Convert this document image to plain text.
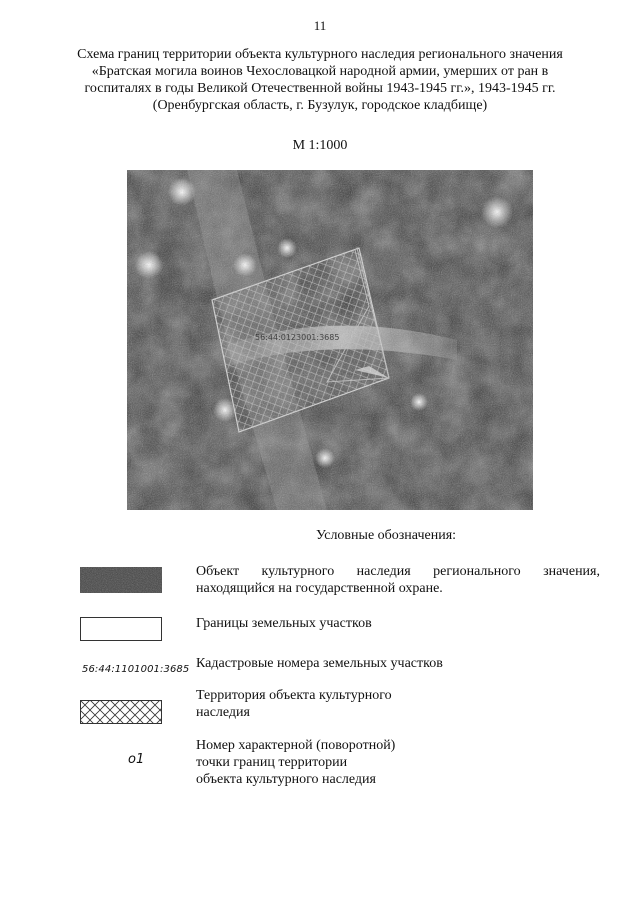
11
Схема границ территории объекта культурного наследия регионального значения
«Братская могила воинов Чехословацкой народной армии, умерших от ран в
госпиталях в годы Великой Отечественной войны 1943-1945 гг.», 1943-1945 гг.
(Оренбургская область, г. Бузулук, городское кладбище)
М 1:1000
Условные обозначения:
Объект культурного наследия регионального значения,
находящийся на государственной охране.
Границы земельных участков
56:44:1101001:3685 Кадастровые номера земельных участков
Территория объекта культурного
наследия
о1
Номер характерной (поворотной)
точки границ территории
объекта культурного наследия
